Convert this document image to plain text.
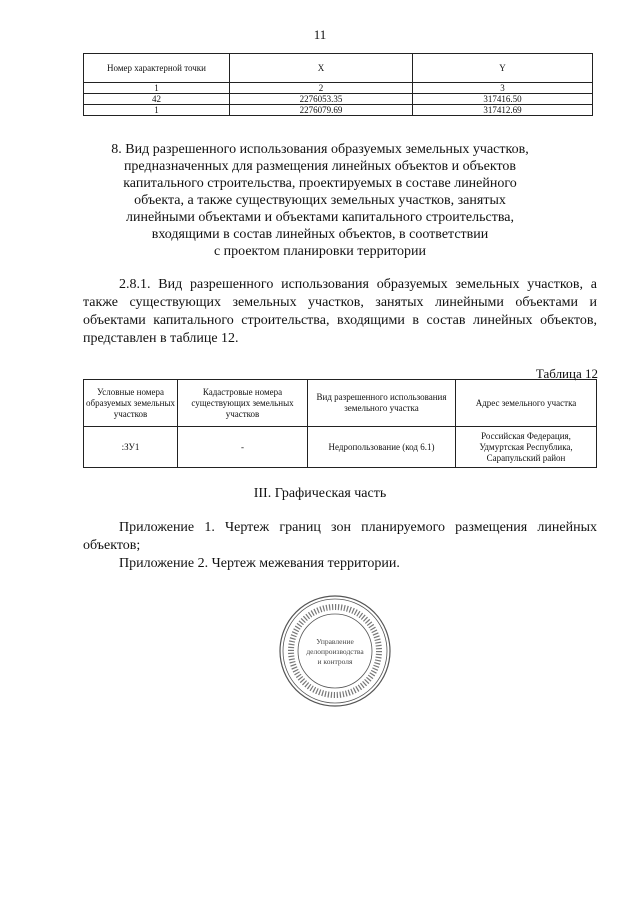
11
Номер характерной точки	X	Y
1	2	3
42	2276053.35	317416.50
1	2276079.69	317412.69
8. Вид разрешенного использования образуемых земельных участков,
предназначенных для размещения линейных объектов и объектов
капитального строительства, проектируемых в составе линейного
объекта, а также существующих земельных участков, занятых
линейными объектами и объектами капитального строительства,
входящими в состав линейных объектов, в соответствии
с проектом планировки территории
2.8.1. Вид разрешенного использования образуемых земельных участков, а также существующих земельных участков, занятых линейными объектами и объектами капитального строительства, входящими в состав линейных объектов, представлен в таблице 12.
Таблица 12
Условные номера образуемых земельных участков	Кадастровые номера существующих земельных участков	Вид разрешенного использования земельного участка	Адрес земельного участка
:ЗУ1	-	Недропользование (код 6.1)	Российская Федерация,
Удмуртская Республика,
Сарапульский район
III. Графическая часть
Приложение 1. Чертеж границ зон планируемого размещения линейных объектов;
Приложение 2. Чертеж межевания территории.
Управление
делопроизводства
и контроля
